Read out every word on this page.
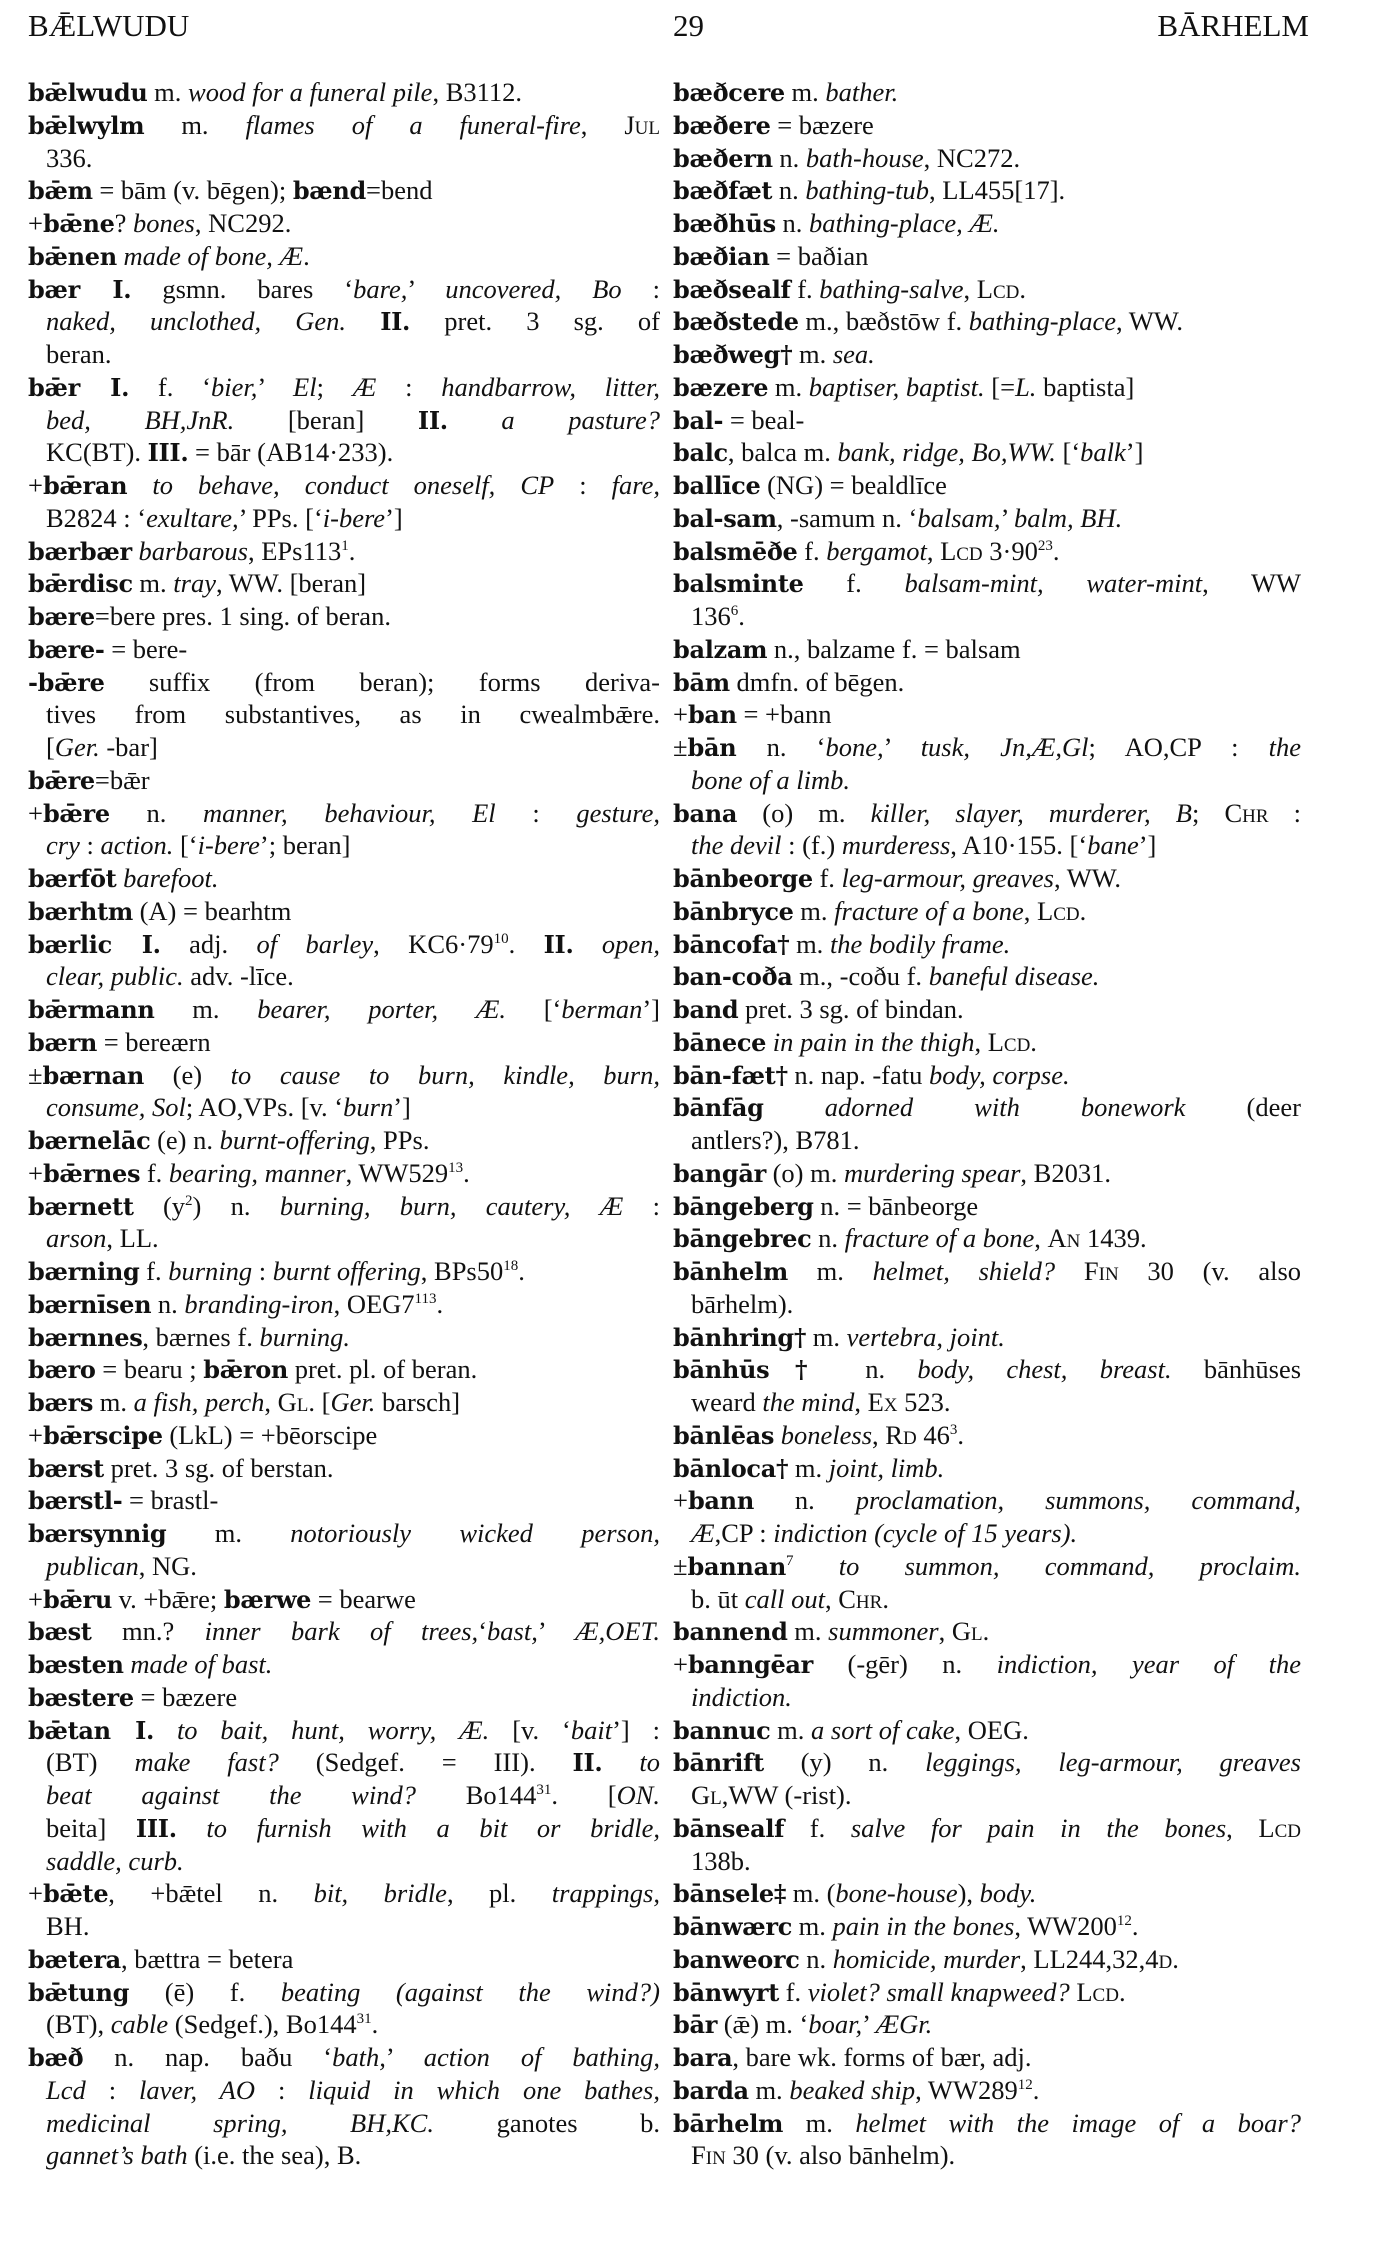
BǢLWUDU	29	BĀRHELM
bǣlwudu m. wood for a funeral pile, B3112.
bǣlwylm m. flames of a funeral-fire, Jul
336.
bǣm = bām (v. bēgen); bænd=bend
+bǣne? bones, NC292.
bǣnen made of bone, Æ.
bær I. gsmn. bares ‘bare,’ uncovered, Bo :
naked, unclothed, Gen. II. pret. 3 sg. of
beran.
bǣr I. f. ‘bier,’ El; Æ : handbarrow, litter,
bed, BH,JnR. [beran] II. a pasture?
KC(BT). III. = bār (AB14·233).
+bǣran to behave, conduct oneself, CP : fare,
B2824 : ‘exultare,’ PPs. [‘i-bere’]
bærbær barbarous, $EPs113^1$.
bǣrdisc m. tray, WW. [beran]
bære=bere pres. 1 sing. of beran.
bære- = bere-
-bǣre suffix (from beran); forms deriva-
tives from substantives, as in cwealmbǣre.
[Ger. -bar]
bǣre=bǣr
+bǣre n. manner, behaviour, El : gesture,
cry : action. [‘i-bere’; beran]
bærfōt barefoot.
bærhtm (A) = bearhtm
bærlic I. adj. of barley, $KC6\cdot 79^{10}$. II. open,
clear, public. adv. -līce.
bǣrmann m. bearer, porter, Æ. [‘berman’]
bærn = bereærn
±bærnan (e) to cause to burn, kindle, burn,
consume, Sol; AO,VPs. [v. ‘burn’]
bærnelāc (e) n. burnt-offering, PPs.
+bǣrnes f. bearing, manner, $WW529^{13}$.
bærnett $(y^2)$ n. burning, burn, cautery, Æ :
arson, LL.
bærning f. burning : burnt offering, $BPs50^{18}$.
bærnīsen n. branding-iron, $OEG7^{113}$.
bærnnes, bærnes f. burning.
bæro = bearu ; bǣron pret. pl. of beran.
bærs m. a fish, perch, Gl. [Ger. barsch]
+bǣrscipe (LkL) = +bēorscipe
bærst pret. 3 sg. of berstan.
bærstl- = brastl-
bærsynnig m. notoriously wicked person,
publican, NG.
+bǣru v. +bǣre; bærwe = bearwe
bæst mn.? inner bark of trees,‘bast,’ Æ,OET.
bæsten made of bast.
bæstere = bæzere
bǣtan I. to bait, hunt, worry, Æ. [v. ‘bait’] :
(BT) make fast? (Sedgef. = III). II. to
beat against the wind? $Bo144^{31}$. [ON.
beita] III. to furnish with a bit or bridle,
saddle, curb.
+bǣte, +bǣtel n. bit, bridle, pl. trappings,
BH.
bætera, bættra = betera
bǣtung (ē) f. beating (against the wind?)
(BT), cable (Sedgef.), $Bo144^{31}$.
bæð n. nap. baðu ‘bath,’ action of bathing,
Lcd : laver, AO : liquid in which one bathes,
medicinal spring, BH,KC. ganotes b.
gannet’s bath (i.e. the sea), B.
bæðcere m. bather.
bæðere = bæzere
bæðern n. bath-house, NC272.
bæðfæt n. bathing-tub, LL455[17].
bæðhūs n. bathing-place, Æ.
bæðian = baðian
bæðsealf f. bathing-salve, Lcd.
bæðstede m., bæðstōw f. bathing-place, WW.
bæðweg† m. sea.
bæzere m. baptiser, baptist. [=L. baptista]
bal- = beal-
balc, balca m. bank, ridge, Bo,WW. [‘balk’]
ballīce (NG) = bealdlīce
bal-sam, -samum n. ‘balsam,’ balm, BH.
balsmēðe f. bergamot, Lcd $3\cdot 90^{23}$.
balsminte f. balsam-mint, water-mint, WW
$136^6$.
balzam n., balzame f. = balsam
bām dmfn. of bēgen.
+ban = +bann
±bān n. ‘bone,’ tusk, Jn,Æ,Gl; AO,CP : the
bone of a limb.
bana (o) m. killer, slayer, murderer, B; Chr :
the devil : (f.) murderess, A10·155. [‘bane’]
bānbeorge f. leg-armour, greaves, WW.
bānbryce m. fracture of a bone, Lcd.
bāncofa† m. the bodily frame.
ban-coða m., -coðu f. baneful disease.
band pret. 3 sg. of bindan.
bānece in pain in the thigh, Lcd.
bān-fæt† n. nap. -fatu body, corpse.
bānfāg adorned with bonework (deer
antlers?), B781.
bangār (o) m. murdering spear, B2031.
bāngeberg n. = bānbeorge
bāngebrec n. fracture of a bone, An 1439.
bānhelm m. helmet, shield? Fin 30 (v. also
bārhelm).
bānhring† m. vertebra, joint.
bānhūs† n. body, chest, breast. bānhūses
weard the mind, Ex 523.
bānlēas boneless, Rd $46^3$.
bānloca† m. joint, limb.
+bann n. proclamation, summons, command,
Æ,CP : indiction (cycle of 15 years).
±bannan$^7$ to summon, command, proclaim.
b. ūt call out, Chr.
bannend m. summoner, Gl.
+banngēar (-gēr) n. indiction, year of the
indiction.
bannuc m. a sort of cake, OEG.
bānrift (y) n. leggings, leg-armour, greaves
Gl,WW (-rist).
bānsealf f. salve for pain in the bones, Lcd
138b.
bānsele‡ m. (bone-house), body.
bānwærc m. pain in the bones, $WW200^{12}$.
banweorc n. homicide, murder, LL244,32,4d.
bānwyrt f. violet? small knapweed? Lcd.
bār (ǣ) m. ‘boar,’ ÆGr.
bara, bare wk. forms of bær, adj.
barda m. beaked ship, $WW289^{12}$.
bārhelm m. helmet with the image of a boar?
Fin 30 (v. also bānhelm).
